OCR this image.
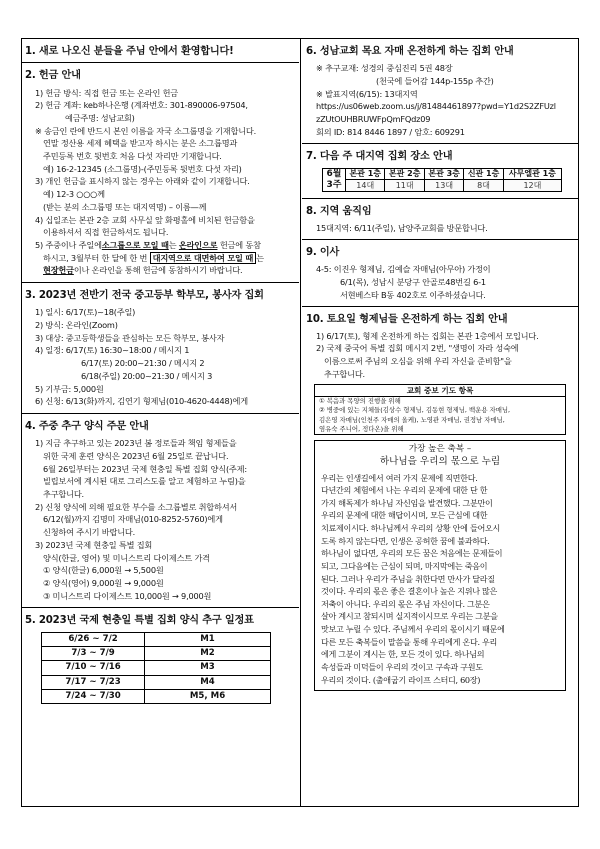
1. 새로 나오신 분들을 주님 안에서 환영합니다!
2. 헌금 안내
1) 헌금 방식: 직접 헌금 또는 온라인 헌금
2) 헌금 계좌: keb하나은행 (계좌번호: 301-890006-97504,
예금주명: 성남교회)
※ 송금인 란에 반드시 본인 이름을 자국 소그룹명을 기재합니다.
연말 정산용 세제 혜택을 받고자 하시는 분은 소그룹명과
주민등록 번호 뒷번호 처음 다섯 자리만 기재합니다.
예) 16-2-12345 (소그룹명)-(주민등록 뒷번호 다섯 자리)
3) 개인 헌금을 표시하지 않는 경우는 아래와 같이 기재합니다.
예) 12-3 ○○○께
(받는 분의 소그룹명 또는 대지역명) – 이름—께
4) 십일조는 본관 2층 교회 사무실 앞 화평홀에 비치된 헌금함을
이용하셔서 직접 헌금하셔도 됩니다.
5) 주중이나 주일에소그룹으로 모일 때는 온라인으로 헌금에 동참
하시고, 3월부터 한 달에 한 번 대지역으로 대면하여 모일 때 는
현장헌금이나 온라인을 통해 헌금에 동참하시기 바랍니다.
3. 2023년 전반기 전국 중고등부 학부모, 봉사자 집회
1) 일시: 6/17(토)~18(주일)
2) 방식: 온라인(Zoom)
3) 대상: 중고등학생들을 관심하는 모든 학부모, 봉사자
4) 일정: 6/17(토) 16:30~18:00 / 메시지 1
6/17(토) 20:00~21:30 / 메시지 2
6/18(주일) 20:00~21:30 / 메시지 3
5) 기부금: 5,000원
6) 신청: 6/13(화)까지, 김연기 형제님(010-4620-4448)에게
4. 주중 추구 양식 주문 안내
1) 지금 추구하고 있는 2023년 봄 정로들과 책임 형제들을
위한 국제 훈련 양식은 2023년 6월 25일로 끝납니다.
6월 26일부터는 2023년 국제 현충일 특별 집회 양식(주제:
빌립보서에 계시된 대로 그리스도를 알고 체험하고 누림)을
추구합니다.
2) 신청 양식에 의해 필요한 부수를 소그룹별로 취합하셔서
6/12(월)까지 김명미 자매님(010-8252-5760)에게
신청하여 주시기 바랍니다.
3) 2023년 국제 현충일 특별 집회
양식(한글, 영어) 및 미니스트리 다이제스트 가격
① 양식(한글) 6,000원 → 5,500원
② 양식(영어) 9,000원 → 9,000원
③ 미니스트리 다이제스트 10,000원 → 9,000원
5. 2023년 국제 현충일 특별 집회 양식 추구 일정표
6/26 ~ 7/2	M1
7/3 ~ 7/9	M2
7/10 ~ 7/16	M3
7/17 ~ 7/23	M4
7/24 ~ 7/30	M5, M6
6. 성남교회 목요 자매 온전하게 하는 집회 안내
※ 추구교재: 성경의 중심진리 5권 48장
(천국에 들어감 144p-155p 추간)
※ 발표지역(6/15): 13대지역
https://us06web.zoom.us/j/81484461897?pwd=Y1d2S2ZFUzl
zZUtOUHBRUWFpQmFQdz09
회의 ID: 814 8446 1897 / 암호: 609291
7. 다음 주 대지역 집회 장소 안내
6월 3주	본관 1층	본관 2층	본관 3층	신관 1층	사무엘관 1층
	14대	11대	13대	8대	12대
8. 지역 움직임
15대지역: 6/11(주일), 남양주교회를 방문합니다.
9. 이사
4-5: 이진우 형제님, 김예슬 자매님(아무아) 가정이
6/1(목), 성남시 분당구 안골로48번길 6-1
서현베스타 B동 402호로 이주하셨습니다.
10. 토요일 형제님들 온전하게 하는 집회 안내
1) 6/17(토), 형제 온전하게 하는 집회는 본관 1층에서 모입니다.
2) 국제 중국어 특별 집회 메시지 2번, "생명이 자라 성숙에
이름으로써 주님의 오심을 위해 우리 자신을 준비함"을
추구합니다.
교회 중보 기도 항목
① 복음과 목양의 진행을 위해
② 병중에 있는 지체들(김상수 형제님, 김동현 형제님, 백운용 자매님,
김은영 자매님(인천주 자매의 올케), 노영관 자매님, 권정남 자매님,
염유숙 주니어, 정다온)을 위해
가장 높은 축복 –
하나님을 우리의 몫으로 누림
우리는 인생길에서 여러 가지 문제에 직면한다.
다년간의 체험에서 나는 우리의 문제에 대한 단 한
가지 해독제가 하나님 자신임을 발견했다. 그분만이
우리의 문제에 대한 해답이시며, 모든 근심에 대한
치료제이시다. 하나님께서 우리의 상황 안에 들어오시
도록 하지 않는다면, 인생은 공허한 꿈에 불과하다.
하나님이 없다면, 우리의 모든 꿈은 처음에는 문제들이
되고, 그다음에는 근심이 되며, 마지막에는 죽음이
된다. 그러나 우리가 주님을 취한다면 만사가 달라질
것이다. 우리의 몫은 좋은 결혼이나 높은 지위나 많은
저축이 아니다. 우리의 몫은 주님 자신이다. 그분은
살아 계시고 참되시며 실지적이시므로 우리는 그분을
맛보고 누릴 수 있다. 주님께서 우리의 몫이시기 때문에
다른 모든 축복들이 말씀을 통해 우리에게 온다. 우리
에게 그분이 계시는 한, 모든 것이 있다. 하나님의
속성들과 미덕들이 우리의 것이고 구속과 구원도
우리의 것이다. (출애굽기 라이프 스터디, 60장)
